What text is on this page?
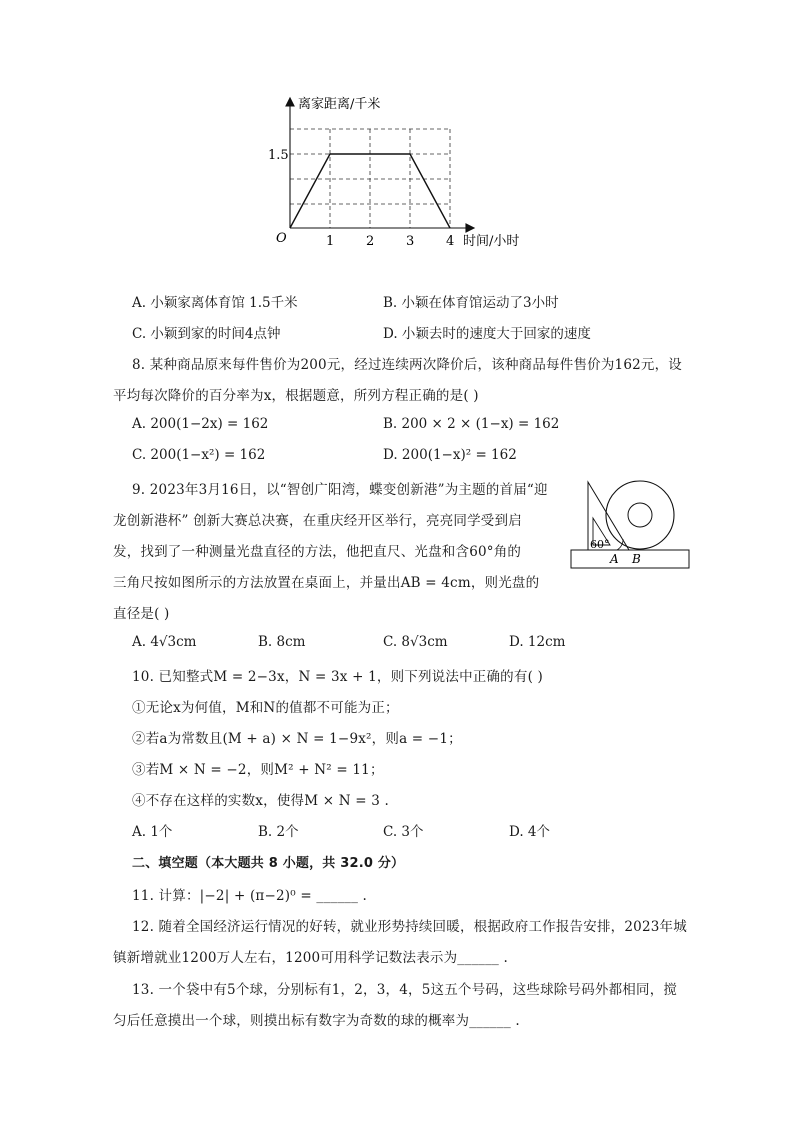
离家距离/千米
时间/小时
O
1.5
1 2 3 4
A. 小颖家离体育馆 1.5千米	B. 小颖在体育馆运动了3小时
C. 小颖到家的时间4点钟	D. 小颖去时的速度大于回家的速度
8. 某种商品原来每件售价为200元，经过连续两次降价后，该种商品每件售价为162元，设
平均每次降价的百分率为x，根据题意，所列方程正确的是( )
A. 200(1−2x) = 162	B. 200 × 2 × (1−x) = 162
C. 200(1−x²) = 162	D. 200(1−x)² = 162
9. 2023年3月16日，以“智创广阳湾，蝶变创新港”为主题的首届“迎
龙创新港杯” 创新大赛总决赛，在重庆经开区举行，亮亮同学受到启
发，找到了一种测量光盘直径的方法，他把直尺、光盘和含60°角的
三角尺按如图所示的方法放置在桌面上，并量出AB = 4cm，则光盘的
直径是( )
60°
A B
A. 4√3cm	B. 8cm	C. 8√3cm	D. 12cm
10. 已知整式M = 2−3x，N = 3x + 1，则下列说法中正确的有( )
①无论x为何值，M和N的值都不可能为正；
②若a为常数且(M + a) × N = 1−9x²，则a = −1；
③若M × N = −2，则M² + N² = 11；
④不存在这样的实数x，使得M × N = 3 .
A. 1个	B. 2个	C. 3个	D. 4个
二、填空题（本大题共 8 小题，共 32.0 分）
11. 计算：|−2| + (π−2)⁰ = ______ .
12. 随着全国经济运行情况的好转，就业形势持续回暖，根据政府工作报告安排，2023年城
镇新增就业1200万人左右，1200可用科学记数法表示为______ .
13. 一个袋中有5个球，分别标有1，2，3，4，5这五个号码，这些球除号码外都相同，搅
匀后任意摸出一个球，则摸出标有数字为奇数的球的概率为______ .
